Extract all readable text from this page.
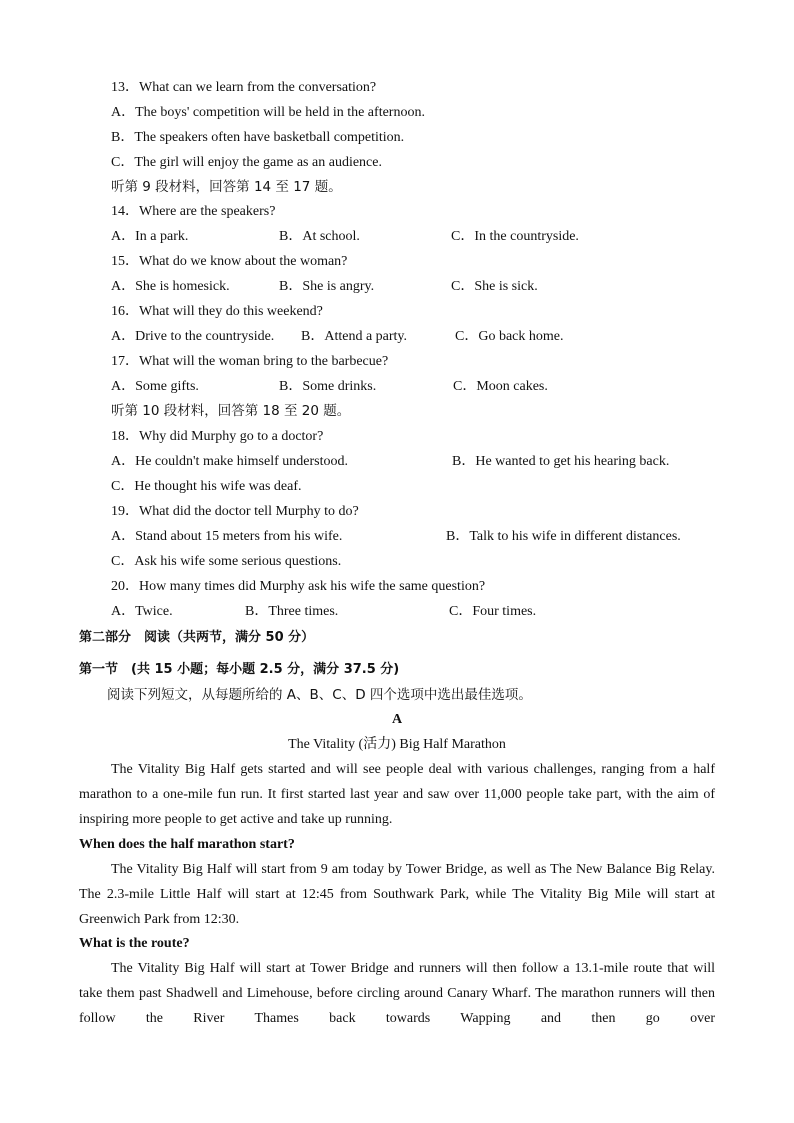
13．What can we learn from the conversation?
A．The boys' competition will be held in the afternoon.
B．The speakers often have basketball competition.
C．The girl will enjoy the game as an audience.
听第 9 段材料，回答第 14 至 17 题。
14．Where are the speakers?
A．In a park.	B．At school.	C．In the countryside.
15．What do we know about the woman?
A．She is homesick.	B．She is angry.	C．She is sick.
16．What will they do this weekend?
A．Drive to the countryside. B．Attend a party.	C．Go back home.
17．What will the woman bring to the barbecue?
A．Some gifts.	B．Some drinks.	C．Moon cakes.
听第 10 段材料，回答第 18 至 20 题。
18．Why did Murphy go to a doctor?
A．He couldn't make himself understood.	B．He wanted to get his hearing back.
C．He thought his wife was deaf.
19．What did the doctor tell Murphy to do?
A．Stand about 15 meters from his wife.	B．Talk to his wife in different distances.
C．Ask his wife some serious questions.
20．How many times did Murphy ask his wife the same question?
A．Twice.	B．Three times.	C．Four times.
第二部分　阅读（共两节，满分 50 分）
第一节　(共 15 小题；每小题 2.5 分，满分 37.5 分)
阅读下列短文，从每题所给的 A、B、C、D 四个选项中选出最佳选项。
A
The Vitality (活力) Big Half Marathon
The Vitality Big Half gets started and will see people deal with various challenges, ranging from a half marathon to a one-mile fun run. It first started last year and saw over 11,000 people take part, with the aim of inspiring more people to get active and take up running.
When does the half marathon start?
The Vitality Big Half will start from 9 am today by Tower Bridge, as well as The New Balance Big Relay. The 2.3-mile Little Half will start at 12:45 from Southwark Park, while The Vitality Big Mile will start at Greenwich Park from 12:30.
What is the route?
The Vitality Big Half will start at Tower Bridge and runners will then follow a 13.1-mile route that will take them past Shadwell and Limehouse, before circling around Canary Wharf. The marathon runners will then follow the River Thames back towards Wapping and then go over
